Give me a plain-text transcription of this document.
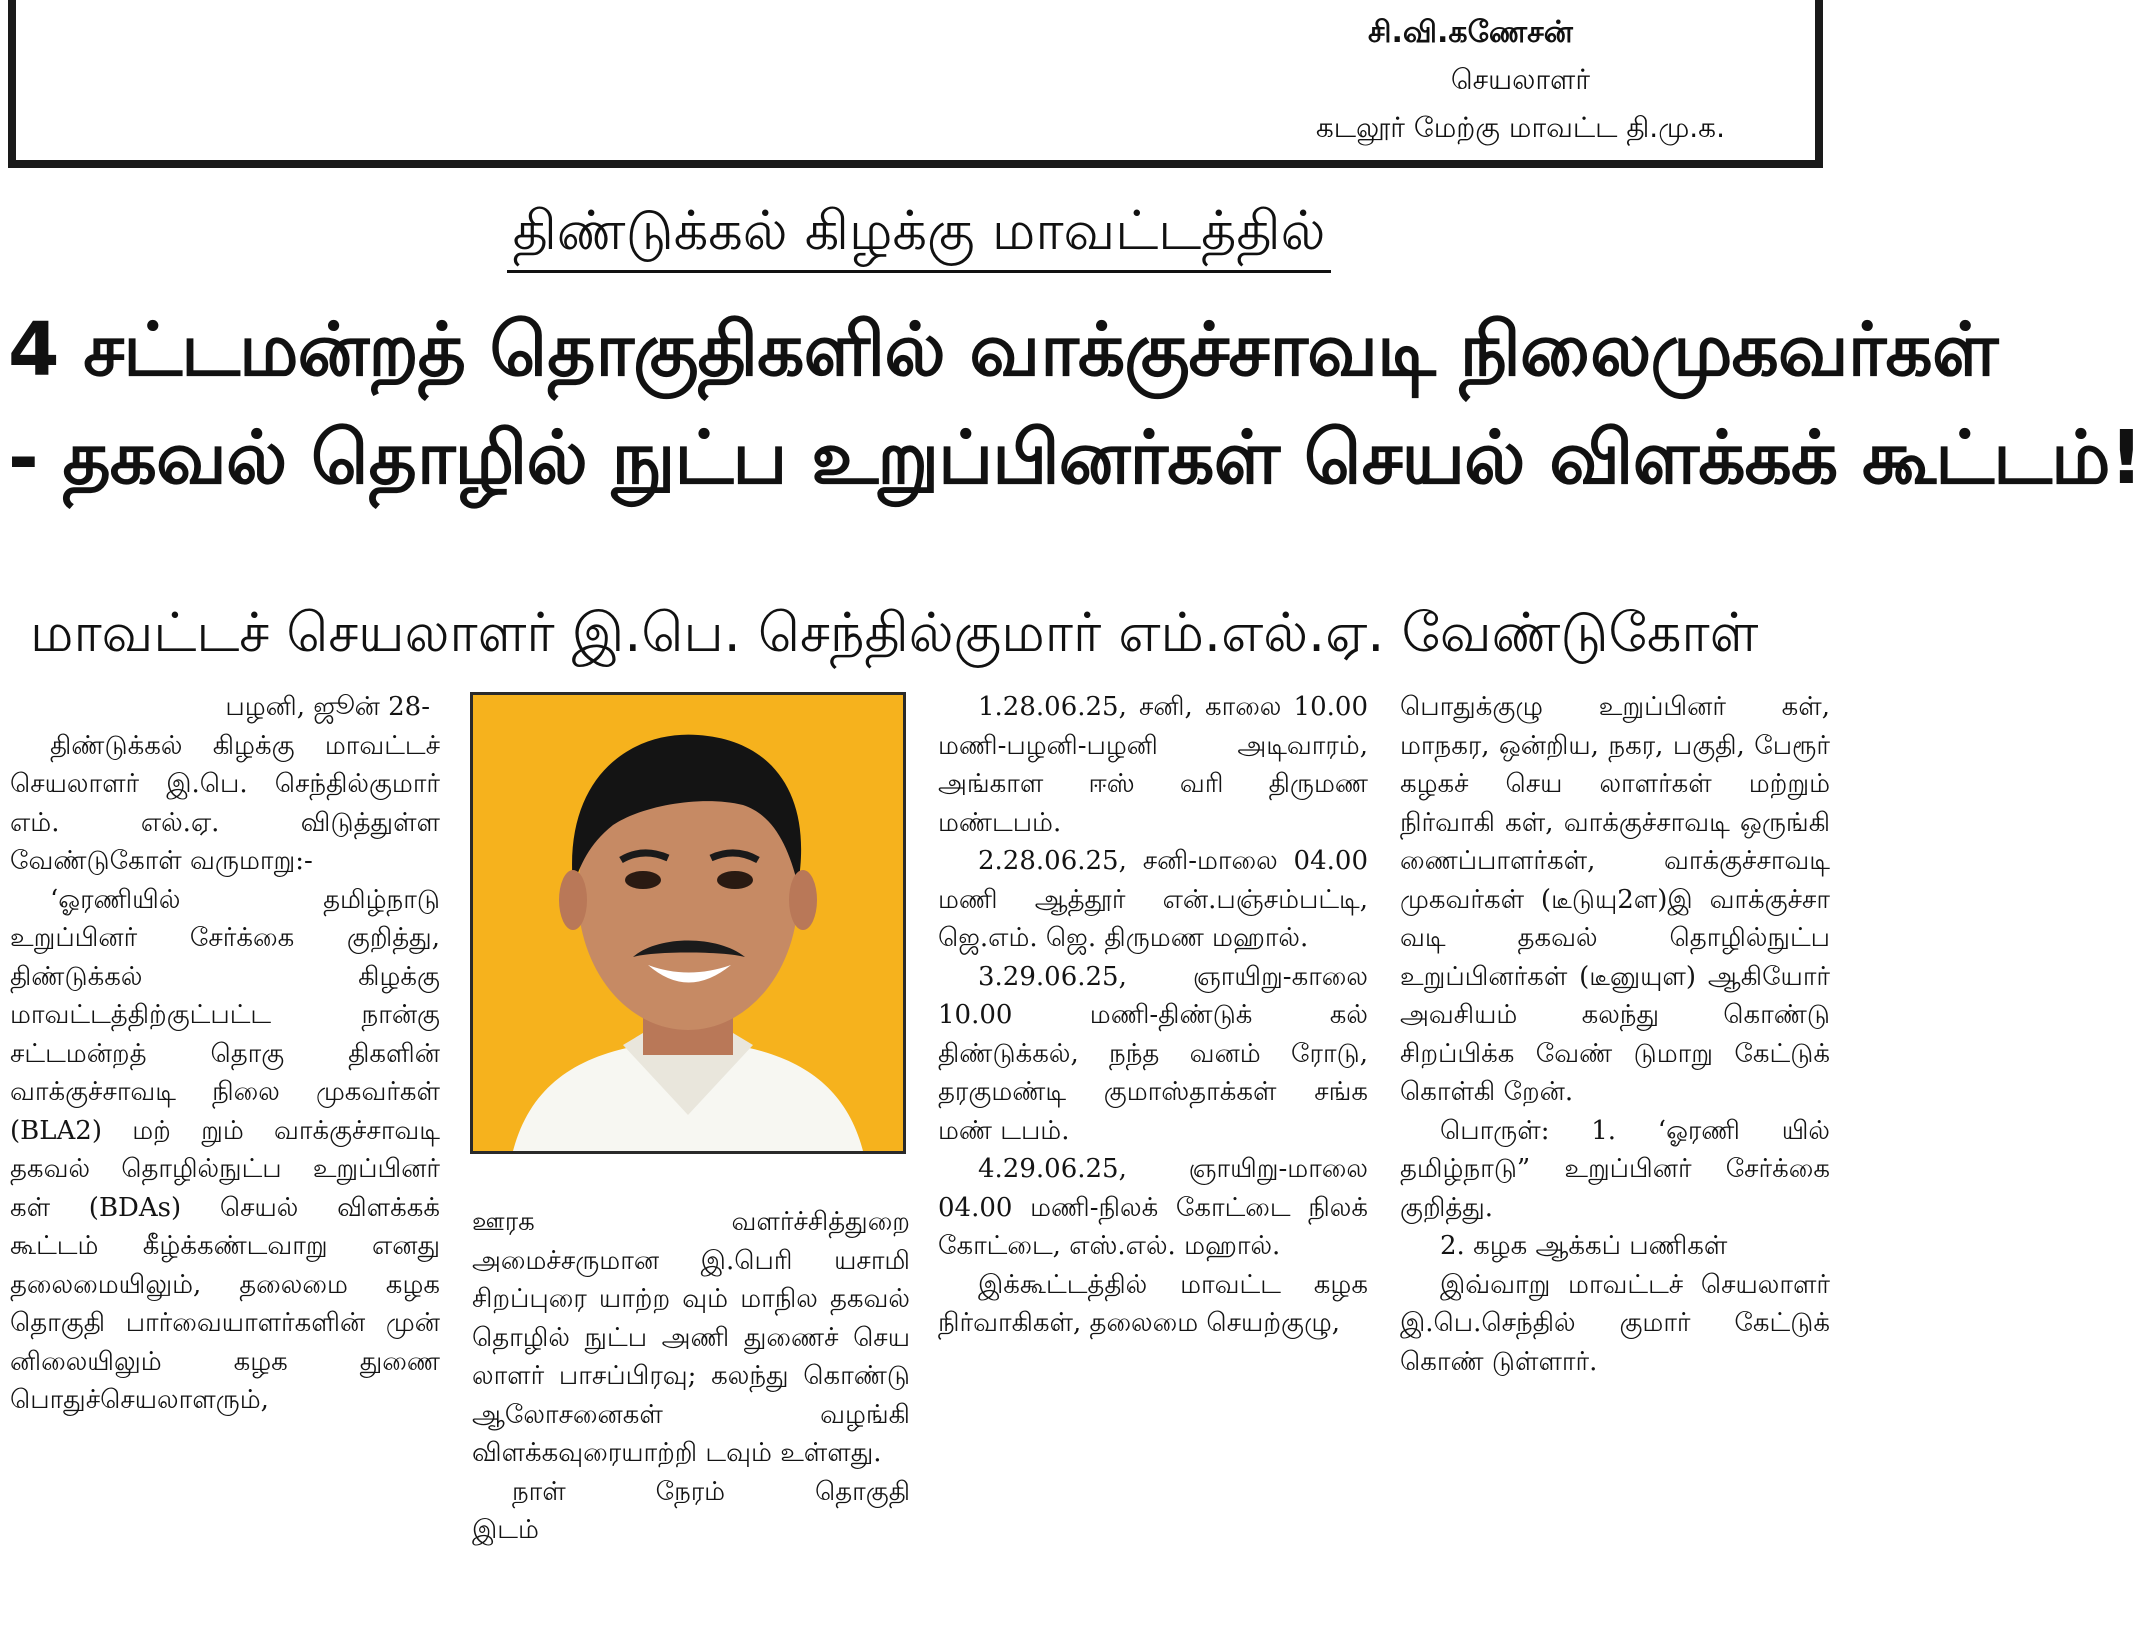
சி.வி.கணேசன்
செயலாளர்
கடலூர் மேற்கு மாவட்ட தி.மு.க.
திண்டுக்கல் கிழக்கு மாவட்டத்தில்
4 சட்டமன்றத் தொகுதிகளில் வாக்குச்சாவடி நிலைமுகவர்கள்
- தகவல் தொழில் நுட்ப உறுப்பினர்கள் செயல் விளக்கக் கூட்டம்!
மாவட்டச் செயலாளர் இ.பெ. செந்தில்குமார் எம்.எல்.ஏ. வேண்டுகோள்

பழனி, ஜூன் 28-

திண்டுக்கல் கிழக்கு மாவட்டச் செயலாளர் இ.பெ. செந்தில்குமார் எம். எல்.ஏ. விடுத்துள்ள வேண்டுகோள் வருமாறு:-

‘ஓரணியில் தமிழ்நாடு உறுப்பினர் சேர்க்கை குறித்து, திண்டுக்கல் கிழக்கு மாவட்டத்திற்குட்பட்ட நான்கு சட்டமன்றத் தொகு திகளின் வாக்குச்சாவடி நிலை முகவர்கள் (BLA2) மற் றும் வாக்குச்சாவடி தகவல் தொழில்நுட்ப உறுப்பினர் கள் (BDAs) செயல் விளக்கக் கூட்டம் கீழ்க்கண்டவாறு எனது தலைமையிலும், தலைமை கழக தொகுதி பார்வையாளர்களின் முன் னிலையிலும் கழக துணை பொதுச்செயலாளரும்,

ஊரக வளர்ச்சித்துறை அமைச்சருமான இ.பெரி யசாமி சிறப்புரை யாற்ற வும் மாநில தகவல் தொழில் நுட்ப அணி துணைச் செய லாளர் பாசப்பிரவு; கலந்து கொண்டு ஆலோசனைகள் வழங்கி விளக்கவுரையாற்றி டவும் உள்ளது.

நாள்	நேரம்	தொகுதி

இடம்

1.28.06.25, சனி, காலை 10.00 மணி-பழனி-பழனி அடிவாரம், அங்காள ஈஸ் வரி திருமண மண்டபம்.

2.28.06.25, சனி-மாலை 04.00 மணி ஆத்தூர் என்.பஞ்சம்பட்டி, ஜெ.எம். ஜெ. திருமண மஹால்.

3.29.06.25, ஞாயிறு-காலை 10.00 மணி-திண்டுக் கல் திண்டுக்கல், நந்த வனம் ரோடு, தரகுமண்டி குமாஸ்தாக்கள் சங்க மண் டபம்.

4.29.06.25, ஞாயிறு-மாலை 04.00 மணி-நிலக் கோட்டை நிலக் கோட்டை, எஸ்.எல். மஹால்.

இக்கூட்டத்தில் மாவட்ட கழக நிர்வாகிகள், தலைமை செயற்குழு,

பொதுக்குழு உறுப்பினர் கள், மாநகர, ஒன்றிய, நகர, பகுதி, பேரூர் கழகச் செய லாளர்கள் மற்றும் நிர்வாகி கள், வாக்குச்சாவடி ஒருங்கி ணைப்பாளர்கள், வாக்குச்சாவடி முகவர்கள் (டீடுயு2ள)இ வாக்குச்சா வடி தகவல் தொழில்நுட்ப உறுப்பினர்கள் (டீனுயுள) ஆகியோர் அவசியம் கலந்து கொண்டு சிறப்பிக்க வேண் டுமாறு கேட்டுக் கொள்கி றேன்.

பொருள்: 1. ‘ஓரணி யில் தமிழ்நாடு” உறுப்பினர் சேர்க்கை குறித்து.

2. கழக ஆக்கப் பணிகள்

இவ்வாறு மாவட்டச் செயலாளர் இ.பெ.செந்தில் குமார் கேட்டுக் கொண் டுள்ளார்.
